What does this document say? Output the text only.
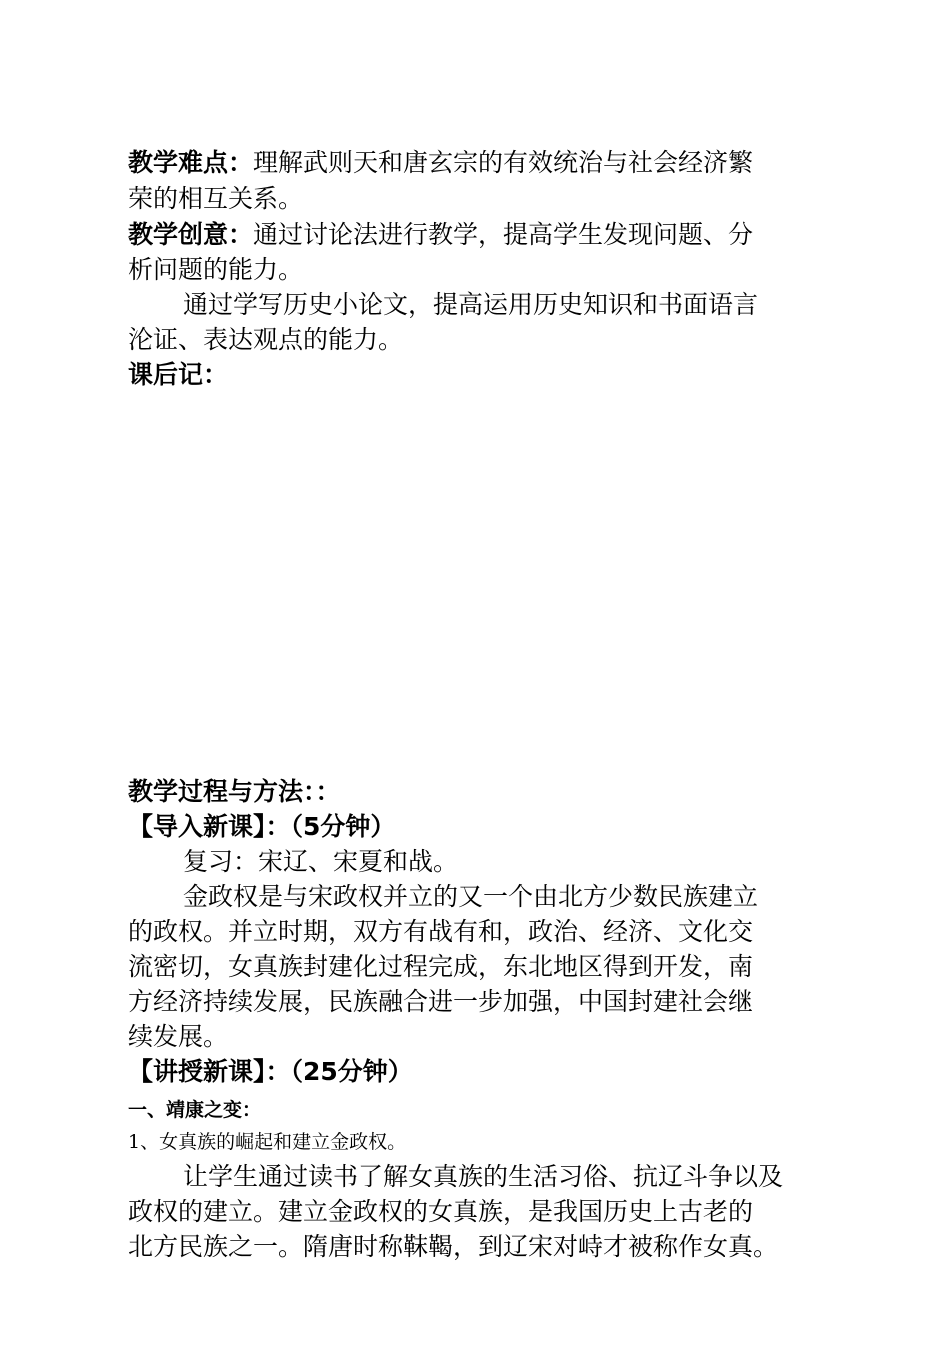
教学难点：理解武则天和唐玄宗的有效统治与社会经济繁
荣的相互关系。
教学创意：通过讨论法进行教学，提高学生发现问题、分
析问题的能力。
通过学写历史小论文，提高运用历史知识和书面语言
沦证、表达观点的能力。
课后记：
教学过程与方法：：
【导入新课】：（5分钟）
复习：宋辽、宋夏和战。
金政权是与宋政权并立的又一个由北方少数民族建立
的政权。并立时期，双方有战有和，政治、经济、文化交
流密切，女真族封建化过程完成，东北地区得到开发，南
方经济持续发展，民族融合进一步加强，中国封建社会继
续发展。
【讲授新课】：（25分钟）
一、靖康之变：
1、女真族的崛起和建立金政权。
让学生通过读书了解女真族的生活习俗、抗辽斗争以及
政权的建立。建立金政权的女真族，是我国历史上古老的
北方民族之一。隋唐时称靺鞨，到辽宋对峙才被称作女真。
